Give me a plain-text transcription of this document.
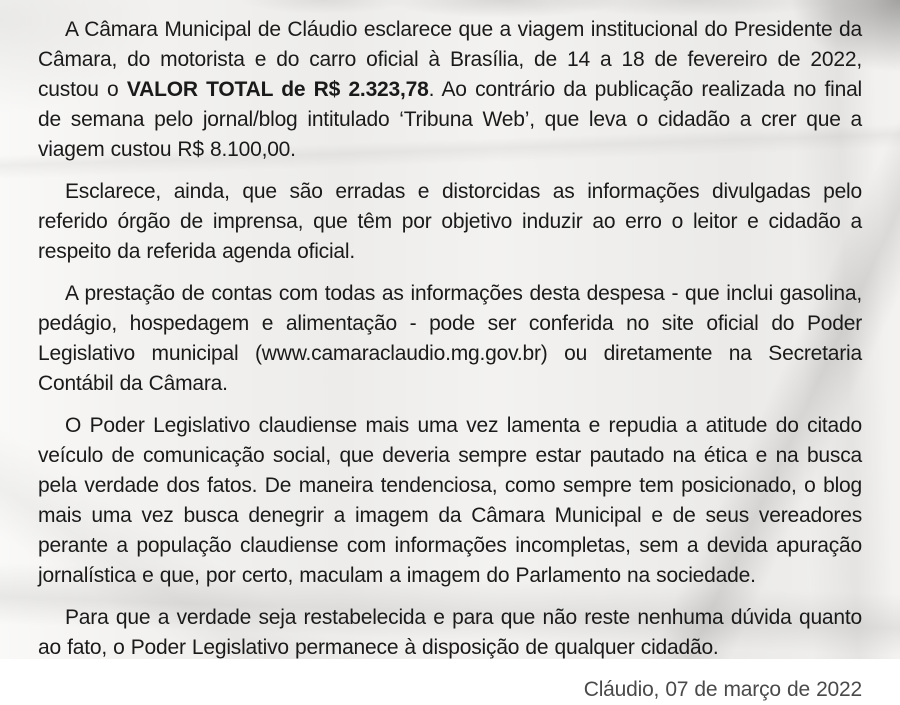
A Câmara Municipal de Cláudio esclarece que a viagem institucional do Presidente da Câmara, do motorista e do carro oficial à Brasília, de 14 a 18 de fevereiro de 2022, custou o VALOR TOTAL de R$ 2.323,78. Ao contrário da publicação realizada no final de semana pelo jornal/blog intitulado ‘Tribuna Web’, que leva o cidadão a crer que a viagem custou R$ 8.100,00.

Esclarece, ainda, que são erradas e distorcidas as informações divulgadas pelo referido órgão de imprensa, que têm por objetivo induzir ao erro o leitor e cidadão a respeito da referida agenda oficial.

A prestação de contas com todas as informações desta despesa - que inclui gasolina, pedágio, hospedagem e alimentação - pode ser conferida no site oficial do Poder Legislativo municipal (www.camaraclaudio.mg.gov.br) ou diretamente na Secretaria Contábil da Câmara.

O Poder Legislativo claudiense mais uma vez lamenta e repudia a atitude do citado veículo de comunicação social, que deveria sempre estar pautado na ética e na busca pela verdade dos fatos. De maneira tendenciosa, como sempre tem posicionado, o blog mais uma vez busca denegrir a imagem da Câmara Municipal e de seus vereadores perante a população claudiense com informações incompletas, sem a devida apuração jornalística e que, por certo, maculam a imagem do Parlamento na sociedade.

Para que a verdade seja restabelecida e para que não reste nenhuma dúvida quanto ao fato, o Poder Legislativo permanece à disposição de qualquer cidadão.

Cláudio, 07 de março de 2022
